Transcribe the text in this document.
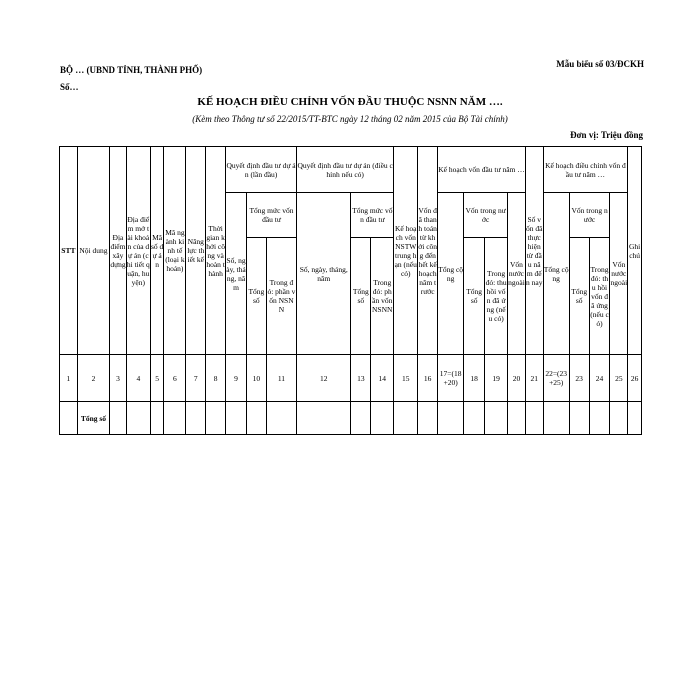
Mẫu biểu số 03/ĐCKH
BỘ … (UBND TỈNH, THÀNH PHỐ)
Số…
KẾ HOẠCH ĐIỀU CHỈNH VỐN ĐẦU THUỘC NSNN NĂM ….
(Kèm theo Thông tư số 22/2015/TT-BTC ngày 12 tháng 02 năm 2015 của Bộ Tài chính)
Đơn vị: Triệu đồng
STT	Nội dung	Địa điểm xây dựng	Địa điểm mở tài khoản của dự án (chi tiết quận, huyện)	Mã số dự án	Mã ngành kinh tế (loại khoản)	Năng lực thiết kế	Thời gian khởi công và hoàn thành	Quyết định đầu tư dự án (lần đầu)			Quyết định đầu tư dự án (điều chỉnh nếu có)			Kế hoạch vốn NSTW trung hạn (nếu có)	Vốn đã thanh toán từ khởi công đến hết kế hoạch năm trước	Kế hoạch vốn đầu tư năm …				Số vốn đã thực hiện từ đầu năm đến nay	Kế hoạch điều chỉnh vốn đầu tư năm …				Ghi chú
								Số, ngày, tháng, năm	Tổng mức vốn đầu tư		Số, ngày, tháng, năm	Tổng mức vốn đầu tư				Tổng cộng	Vốn trong nước		Vốn nước ngoài		Tổng cộng	Vốn trong nước		Vốn nước ngoài	
									Tổng số	Trong đó: phần vốn NSNN		Tổng số	Trong đó: phần vốn NSNN				Tổng số	Trong đó: thu hồi vốn đã ứng (nếu có)				Tổng số	Trong đó: thu hồi vốn đã ứng (nếu có)		
1	2	3	4	5	6	7	8	9	10	11	12	13	14	15	16	17=(18+20)	18	19	20	21	22=(23+25)	23	24	25	26
	Tổng số																								
